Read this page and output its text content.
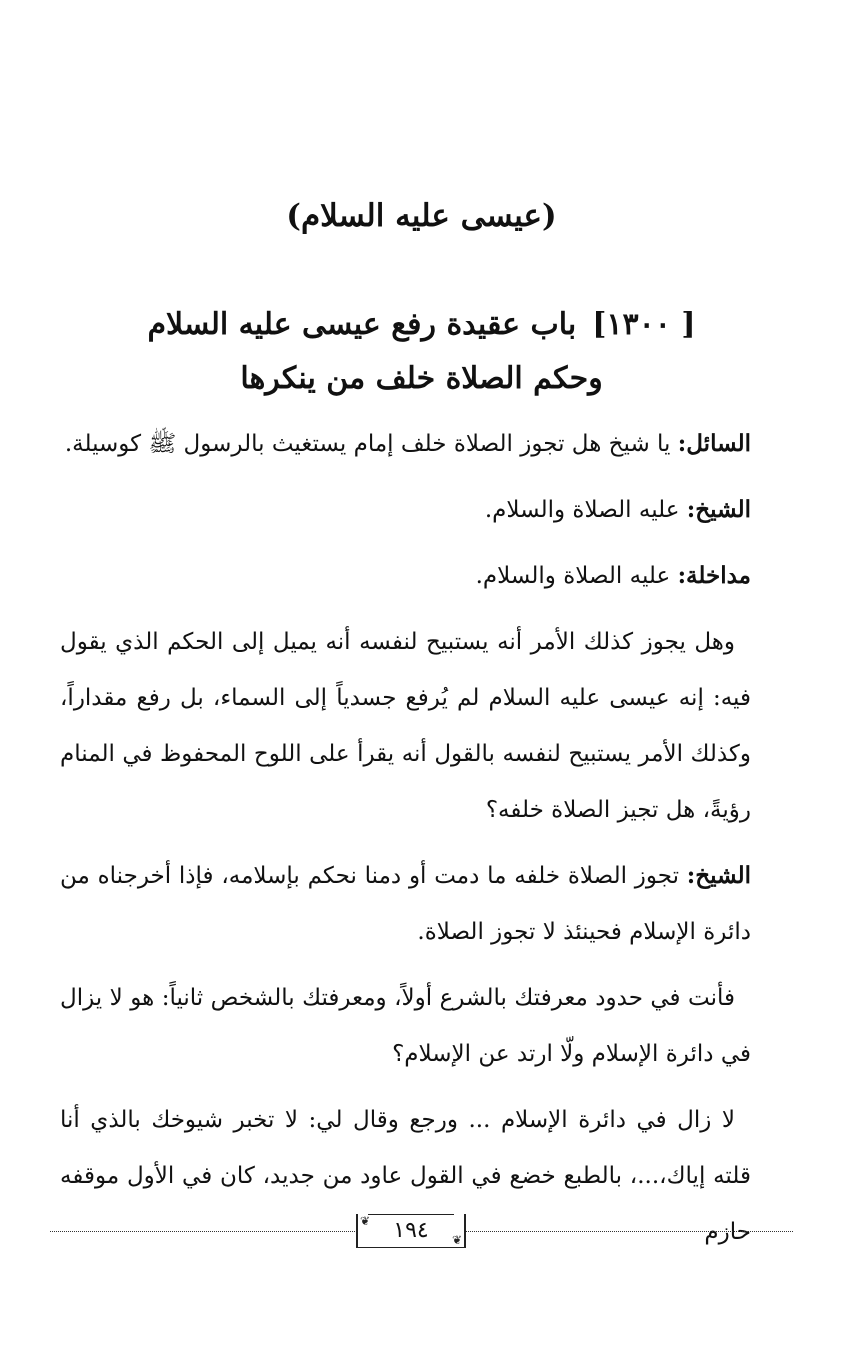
(عيسى عليه السلام)
[ ١٣٠٠]باب عقيدة رفع عيسى عليه السلام
وحكم الصلاة خلف من ينكرها

السائل: يا شيخ هل تجوز الصلاة خلف إمام يستغيث بالرسول ﷺ كوسيلة.

الشيخ: عليه الصلاة والسلام.

مداخلة: عليه الصلاة والسلام.

وهل يجوز كذلك الأمر أنه يستبيح لنفسه أنه يميل إلى الحكم الذي يقول فيه: إنه عيسى عليه السلام لم يُرفع جسدياً إلى السماء، بل رفع مقداراً، وكذلك الأمر يستبيح لنفسه بالقول أنه يقرأ على اللوح المحفوظ في المنام رؤيةً، هل تجيز الصلاة خلفه؟

الشيخ: تجوز الصلاة خلفه ما دمت أو دمنا نحكم بإسلامه، فإذا أخرجناه من دائرة الإسلام فحينئذ لا تجوز الصلاة.

فأنت في حدود معرفتك بالشرع أولاً، ومعرفتك بالشخص ثانياً: هو لا يزال في دائرة الإسلام ولّا ارتد عن الإسلام؟

لا زال في دائرة الإسلام ... ورجع وقال لي: لا تخبر شيوخك بالذي أنا قلته إياك،...، بالطبع خضع في القول عاود من جديد، كان في الأول موقفه حازم

❦
❦
١٩٤
